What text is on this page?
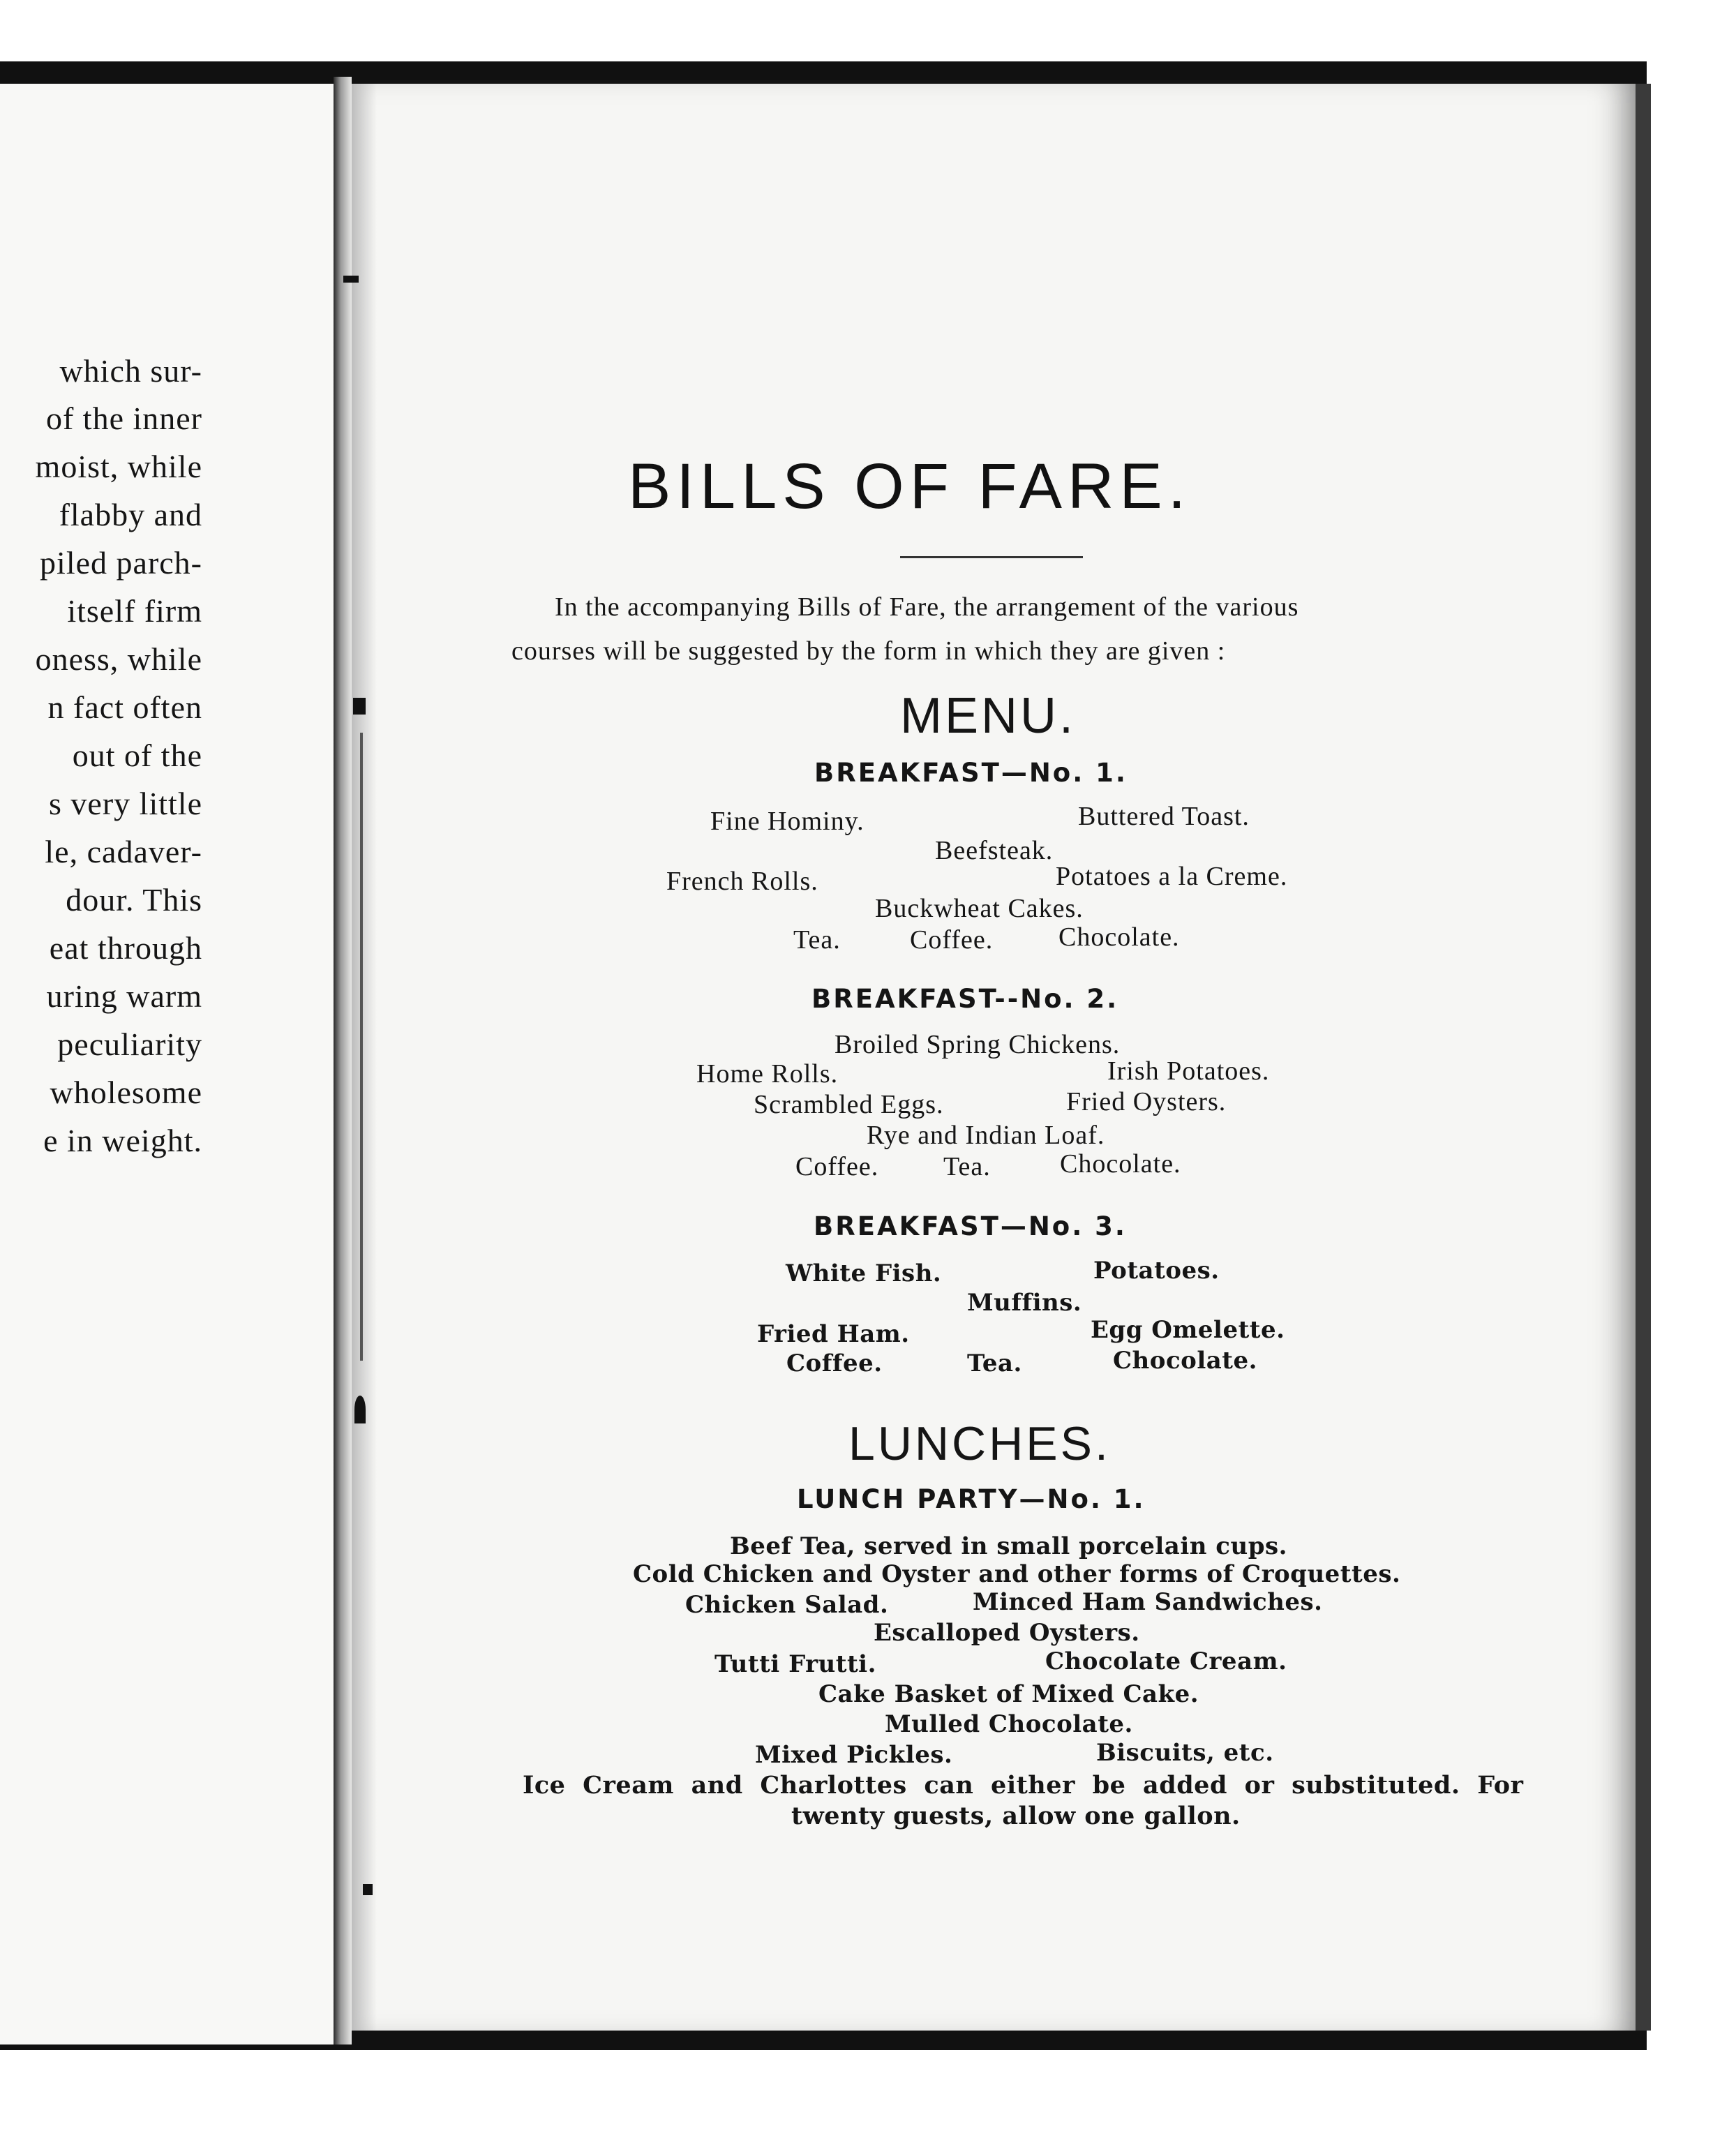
which sur-
of the inner
moist, while
flabby and
piled parch-
itself firm
oness, while
n fact often
out of the
s very little
le, cadaver-
dour. This
eat through
uring warm
peculiarity
wholesome
e in weight.
BILLS OF FARE.
In the accompanying Bills of Fare, the arrangement of the various
courses will be suggested by the form in which they are given :
MENU.
BREAKFAST—No. 1.
Fine Hominy.	Buttered Toast.
Beefsteak.
French Rolls.	Potatoes a la Creme.
Buckwheat Cakes.
Tea.	Coffee. Chocolate.
BREAKFAST--No. 2.
Broiled Spring Chickens.
Home Rolls.	Irish Potatoes.
Scrambled Eggs.	Fried Oysters.
Rye and Indian Loaf.
Coffee. Tea.	Chocolate.
BREAKFAST—No. 3.
White Fish.	Potatoes.
Muffins.
Fried Ham.	Egg Omelette.
Coffee.	Tea.	Chocolate.
LUNCHES.
LUNCH PARTY—No. 1.
Beef Tea, served in small porcelain cups.
Cold Chicken and Oyster and other forms of Croquettes.
Chicken Salad.	Minced Ham Sandwiches.
Escalloped Oysters.
Tutti Frutti.	Chocolate Cream.
Cake Basket of Mixed Cake.
Mulled Chocolate.
Mixed Pickles.	Biscuits, etc.
Ice Cream and Charlottes can either be added or substituted. For
twenty guests, allow one gallon.
